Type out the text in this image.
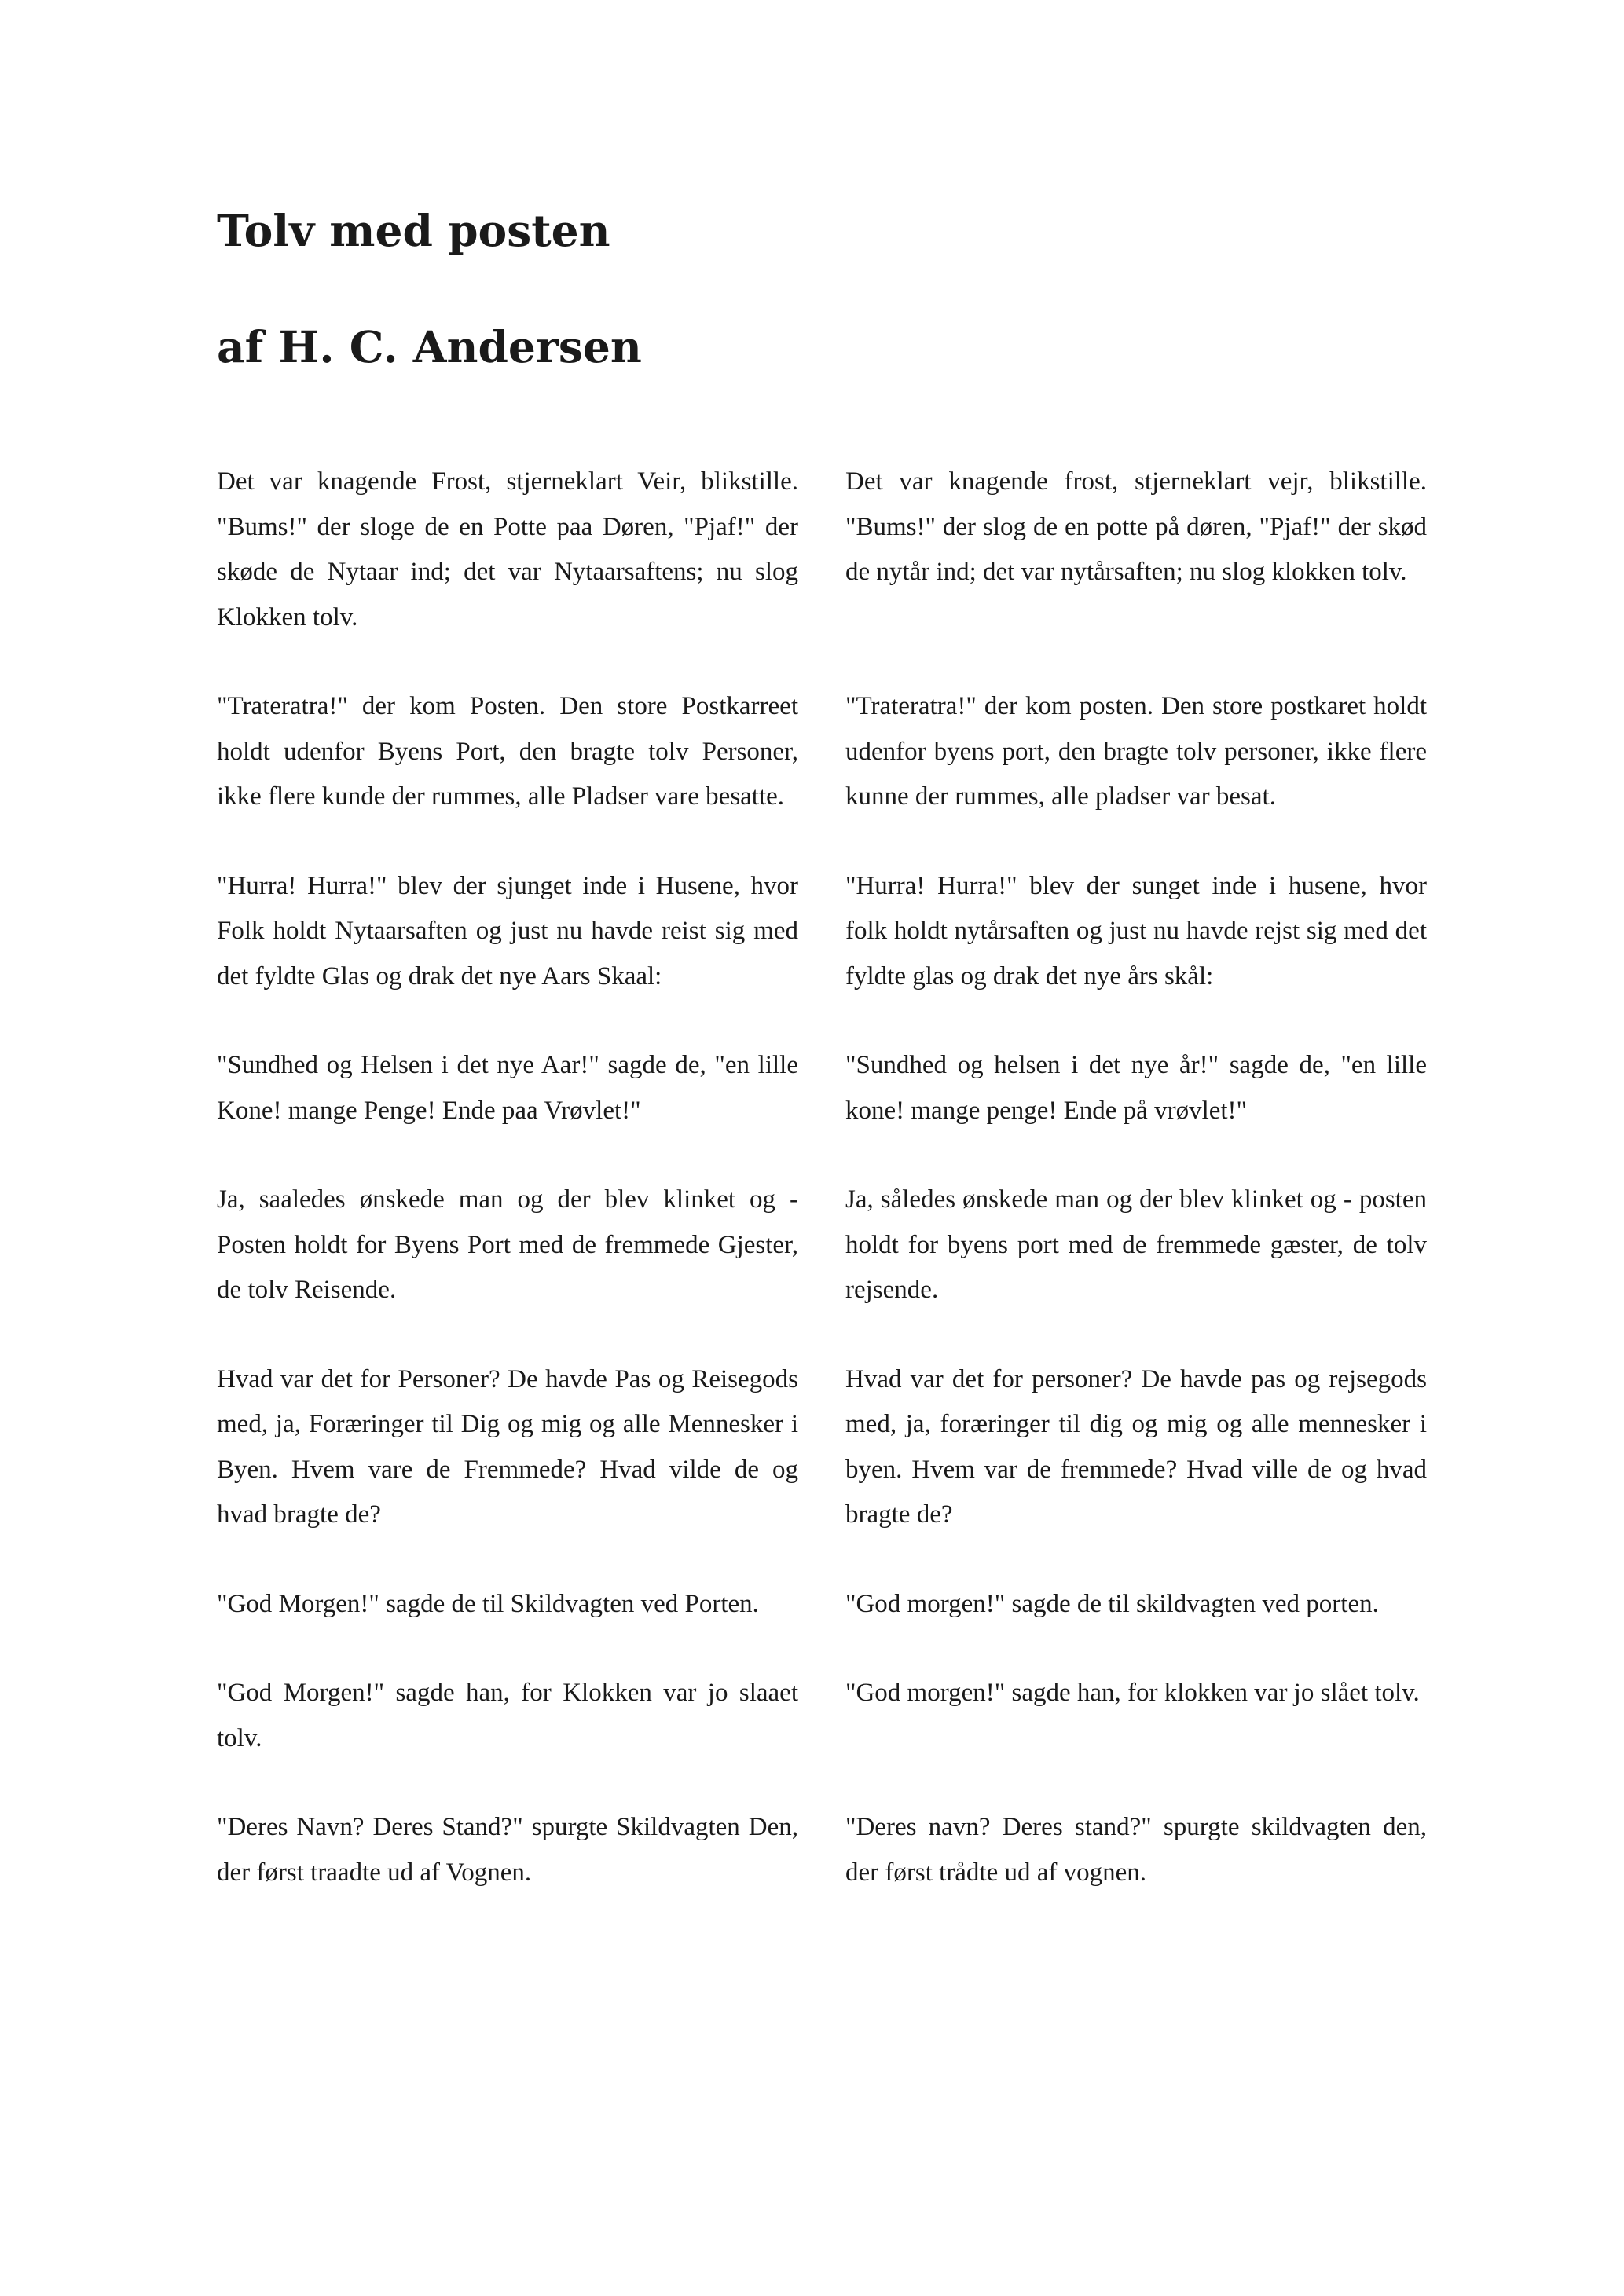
Tolv med posten
af H. C. Andersen

Det var knagende Frost, stjerneklart Veir, blikstille. "Bums!" der sloge de en Potte paa Døren, "Pjaf!" der skøde de Nytaar ind; det var Nytaarsaftens; nu slog Klokken tolv.

Det var knagende frost, stjerneklart vejr, blikstille. "Bums!" der slog de en potte på døren, "Pjaf!" der skød de nytår ind; det var nytårsaften; nu slog klokken tolv.

"Trateratra!" der kom Posten. Den store Postkarreet holdt udenfor Byens Port, den bragte tolv Personer, ikke flere kunde der rummes, alle Pladser vare besatte.

"Trateratra!" der kom posten. Den store postkaret holdt udenfor byens port, den bragte tolv personer, ikke flere kunne der rummes, alle pladser var besat.

"Hurra! Hurra!" blev der sjunget inde i Husene, hvor Folk holdt Nytaarsaften og just nu havde reist sig med det fyldte Glas og drak det nye Aars Skaal:

"Hurra! Hurra!" blev der sunget inde i husene, hvor folk holdt nytårsaften og just nu havde rejst sig med det fyldte glas og drak det nye års skål:

"Sundhed og Helsen i det nye Aar!" sagde de, "en lille Kone! mange Penge! Ende paa Vrøvlet!"

"Sundhed og helsen i det nye år!" sagde de, "en lille kone! mange penge! Ende på vrøvlet!"

Ja, saaledes ønskede man og der blev klinket og - Posten holdt for Byens Port med de fremmede Gjester, de tolv Reisende.

Ja, således ønskede man og der blev klinket og - posten holdt for byens port med de fremmede gæster, de tolv rejsende.

Hvad var det for Personer? De havde Pas og Reisegods med, ja, Foræringer til Dig og mig og alle Mennesker i Byen. Hvem vare de Fremmede? Hvad vilde de og hvad bragte de?

Hvad var det for personer? De havde pas og rejsegods med, ja, foræringer til dig og mig og alle mennesker i byen. Hvem var de fremmede? Hvad ville de og hvad bragte de?

"God Morgen!" sagde de til Skildvagten ved Porten.	"God morgen!" sagde de til skildvagten ved porten.

"God Morgen!" sagde han, for Klokken var jo slaaet tolv.

"God morgen!" sagde han, for klokken var jo slået tolv.

"Deres Navn? Deres Stand?" spurgte Skildvagten Den, der først traadte ud af Vognen.

"Deres navn? Deres stand?" spurgte skildvagten den, der først trådte ud af vognen.
